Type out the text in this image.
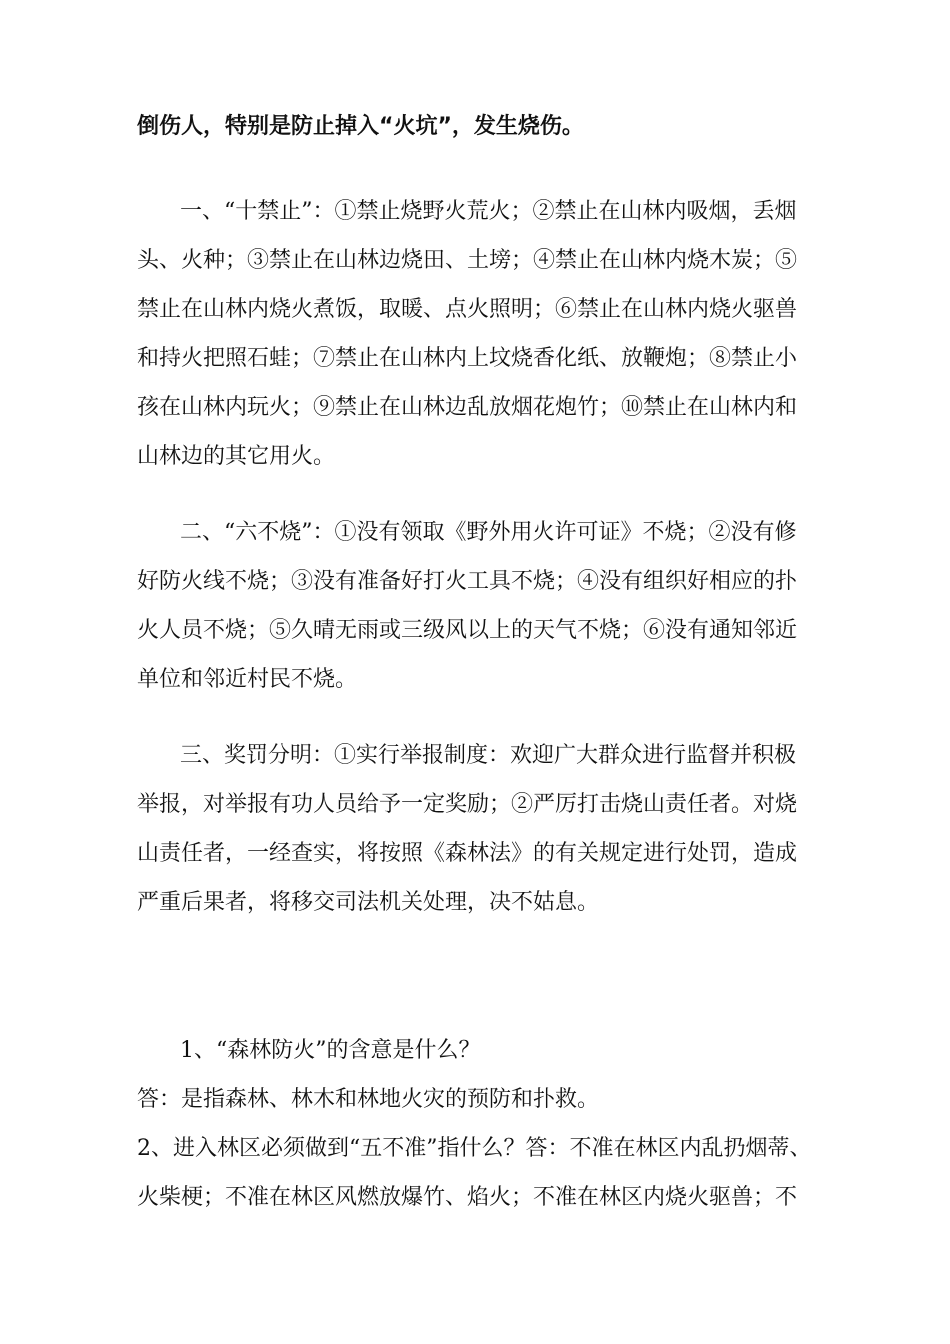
倒伤人，特别是防止掉入“火坑”，发生烧伤。
一、“十禁止”：①禁止烧野火荒火；②禁止在山林内吸烟，丢烟
头、火种；③禁止在山林边烧田、土塝；④禁止在山林内烧木炭；⑤
禁止在山林内烧火煮饭，取暖、点火照明；⑥禁止在山林内烧火驱兽
和持火把照石蛙；⑦禁止在山林内上坟烧香化纸、放鞭炮；⑧禁止小
孩在山林内玩火；⑨禁止在山林边乱放烟花炮竹；⑩禁止在山林内和
山林边的其它用火。
二、“六不烧”：①没有领取《野外用火许可证》不烧；②没有修
好防火线不烧；③没有准备好打火工具不烧；④没有组织好相应的扑
火人员不烧；⑤久晴无雨或三级风以上的天气不烧；⑥没有通知邻近
单位和邻近村民不烧。
三、奖罚分明：①实行举报制度：欢迎广大群众进行监督并积极
举报，对举报有功人员给予一定奖励；②严厉打击烧山责任者。对烧
山责任者，一经查实，将按照《森林法》的有关规定进行处罚，造成
严重后果者，将移交司法机关处理，决不姑息。
1、“森林防火”的含意是什么？
答：是指森林、林木和林地火灾的预防和扑救。
2、进入林区必须做到“五不准”指什么？答：不准在林区内乱扔烟蒂、
火柴梗；不准在林区风燃放爆竹、焰火；不准在林区内烧火驱兽；不
